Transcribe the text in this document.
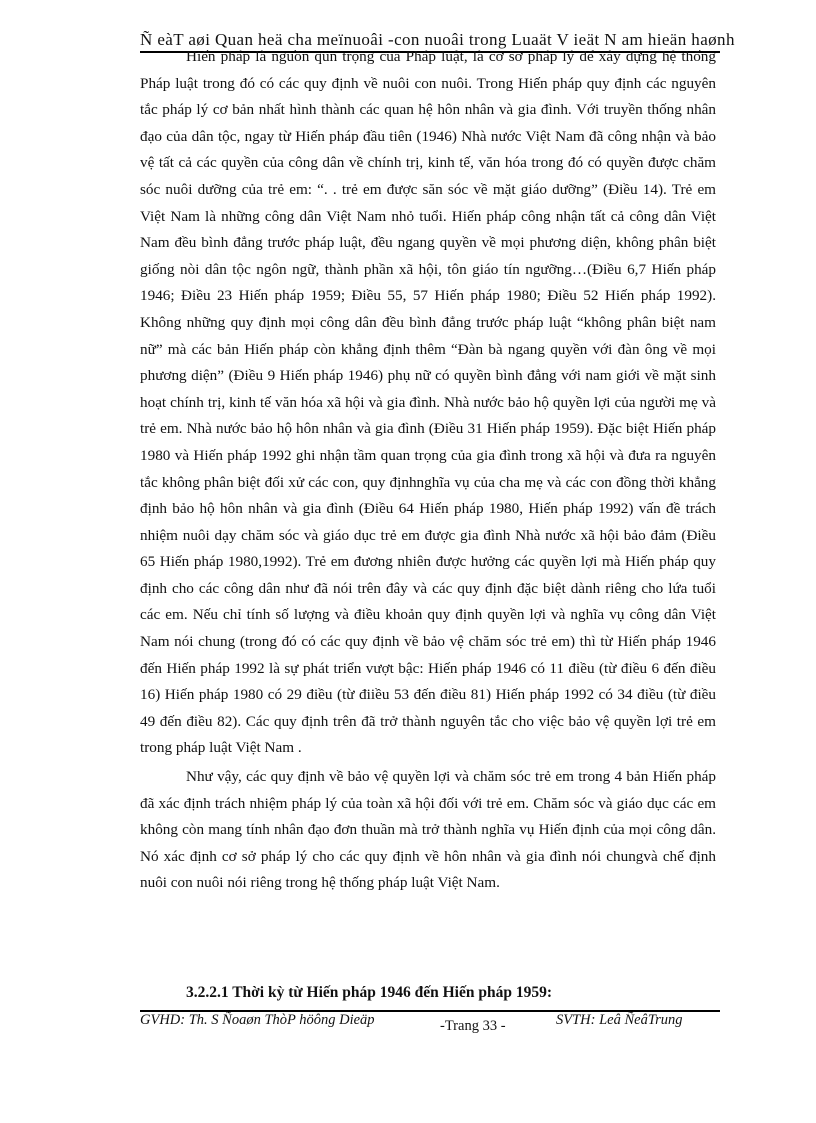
Ñ eàT aøi Quan heä cha meïnuoâi -con nuoâi trong Luaät V ieät N am hieän haønh

Hiến pháp là nguồn qun trọng của Pháp luật, là cơ sở pháp lý để xây dựng hệ thống Pháp luật trong đó có các quy định về nuôi con nuôi. Trong Hiến pháp quy định các nguyên tắc pháp lý cơ bản nhất hình thành các quan hệ hôn nhân và gia đình. Với truyền thống nhân đạo của dân tộc, ngay từ Hiến pháp đầu tiên (1946) Nhà nước Việt Nam đã công nhận và bảo vệ tất cả các quyền của công dân về chính trị, kinh tế, văn hóa trong đó có quyền được chăm sóc nuôi dưỡng của trẻ em: “. . trẻ em được săn sóc về mặt giáo dưỡng” (Điều 14). Trẻ em Việt Nam là những công dân Việt Nam nhỏ tuổi. Hiến pháp công nhận tất cả công dân Việt Nam đều bình đẳng trước pháp luật, đều ngang quyền về mọi phương diện, không phân biệt giống nòi dân tộc ngôn ngữ, thành phần xã hội, tôn giáo tín ngưỡng…(Điều 6,7 Hiến pháp 1946; Điều 23 Hiến pháp 1959; Điều 55, 57 Hiến pháp 1980; Điều 52 Hiến pháp 1992). Không những quy định mọi công dân đều bình đẳng trước pháp luật “không phân biệt nam nữ” mà các bản Hiến pháp còn khẳng định thêm “Đàn bà ngang quyền với đàn ông về mọi phương diện” (Điều 9 Hiến pháp 1946) phụ nữ có quyền bình đẳng với nam giới về mặt sinh hoạt chính trị, kinh tế văn hóa xã hội và gia đình. Nhà nước bảo hộ quyền lợi của người mẹ và trẻ em. Nhà nước bảo hộ hôn nhân và gia đình (Điều 31 Hiến pháp 1959). Đặc biệt Hiến pháp 1980 và Hiến pháp 1992 ghi nhận tầm quan trọng của gia đình trong xã hội và đưa ra nguyên tắc không phân biệt đối xử các con, quy địnhnghĩa vụ của cha mẹ và các con đồng thời khẳng định bảo hộ hôn nhân và gia đình (Điều 64 Hiến pháp 1980, Hiến pháp 1992) vấn đề trách nhiệm nuôi dạy chăm sóc và giáo dục trẻ em được gia đình Nhà nước xã hội bảo đảm (Điều 65 Hiến pháp 1980,1992). Trẻ em đương nhiên được hưởng các quyền lợi mà Hiến pháp quy định cho các công dân như đã nói trên đây và các quy định đặc biệt dành riêng cho lứa tuổi các em. Nếu chỉ tính số lượng và điều khoản quy định quyền lợi và nghĩa vụ công dân Việt Nam nói chung (trong đó có các quy định về bảo vệ chăm sóc trẻ em) thì từ Hiến pháp 1946 đến Hiến pháp 1992 là sự phát triển vượt bậc: Hiến pháp 1946 có 11 điều (từ điều 6 đến điều 16) Hiến pháp 1980 có 29 điều (từ điiều 53 đến điều 81) Hiến pháp 1992 có 34 điều (từ điều 49 đến điều 82). Các quy định trên đã trở thành nguyên tắc cho việc bảo vệ quyền lợi trẻ em trong pháp luật Việt Nam .

Như vậy, các quy định về bảo vệ quyền lợi và chăm sóc trẻ em trong 4 bản Hiến pháp đã xác định trách nhiệm pháp lý của toàn xã hội đối với trẻ em. Chăm sóc và giáo dục các em không còn mang tính nhân đạo đơn thuần mà trở thành nghĩa vụ Hiến định của mọi công dân. Nó xác định cơ sở pháp lý cho các quy định về hôn nhân và gia đình nói chungvà chế định nuôi con nuôi nói riêng trong hệ thống pháp luật Việt Nam.

3.2.2.1 Thời kỳ từ Hiến pháp 1946 đến Hiến pháp 1959:
GVHD: Th. S Ñoaøn ThòP höông Dieäp	-Trang 33 -	SVTH: Leâ ÑeâTrung
